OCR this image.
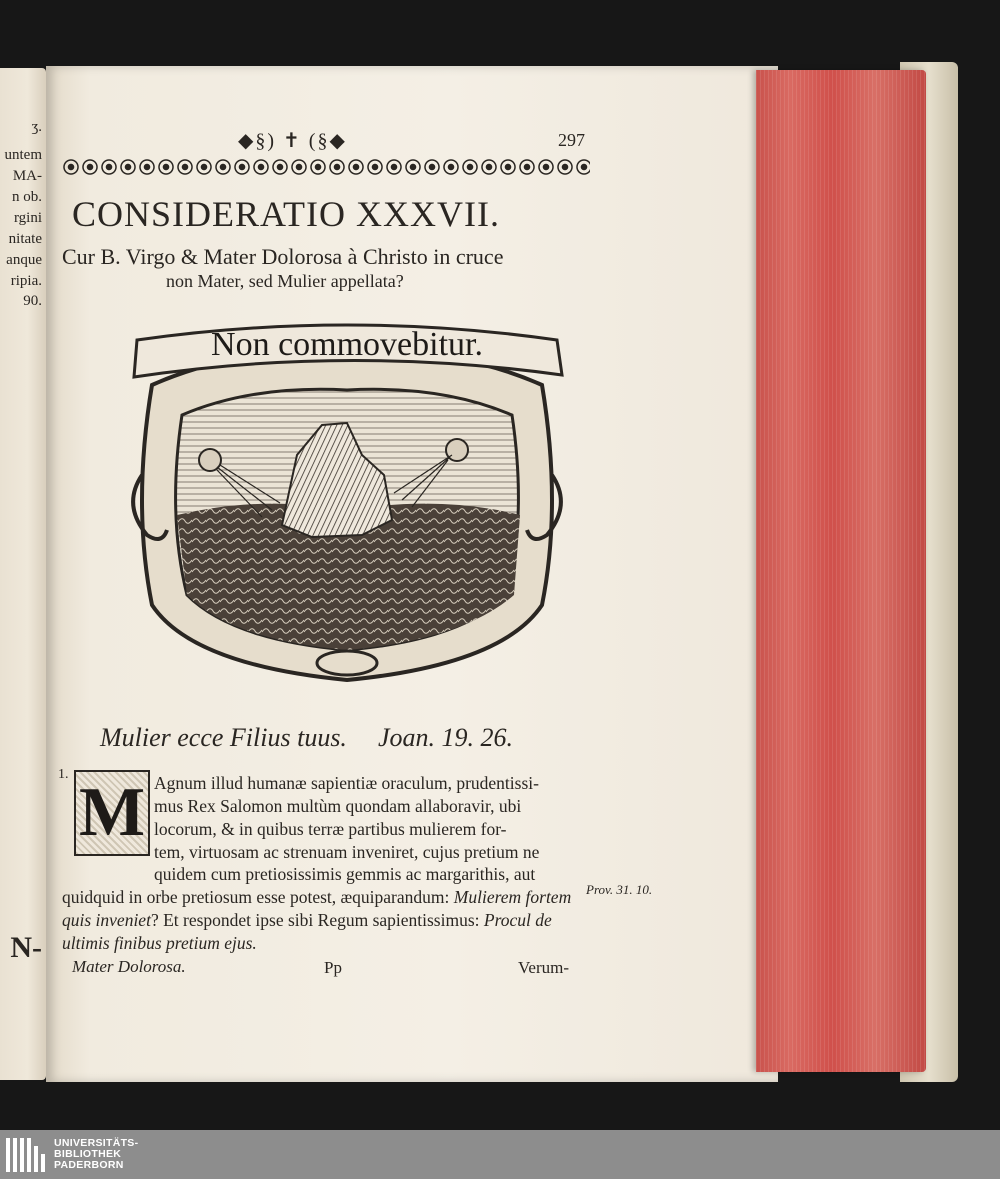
ʒ.
untem
MA-
n ob.
rgini
nitate
anque
ripia.
90.
N-
◆§) ✝ (§◆	297
CONSIDERATIO XXXVII.
Cur B. Virgo & Mater Dolorosa à Christo in cruce
non Mater, sed Mulier appellata?
Non commovebitur.
Mulier ecce Filius tuus. Joan. 19. 26.
1. M Agnum illud humanæ sapientiæ oraculum, prudentissi-
mus Rex Salomon multùm quondam allaboravir, ubi
locorum, & in quibus terræ partibus mulierem for-
tem, virtuosam ac strenuam inveniret, cujus pretium ne
quidem cum pretiosissimis gemmis ac margarithis, aut
quidquid in orbe pretiosum esse potest, æquiparandum: Mulierem fortem
quis inveniet? Et respondet ipse sibi Regum sapientissimus: Procul de
ultimis finibus pretium ejus.
Prov. 31. 10.
Mater Dolorosa.	Pp	Verum-
UNIVERSITÄTS-
BIBLIOTHEK
PADERBORN
